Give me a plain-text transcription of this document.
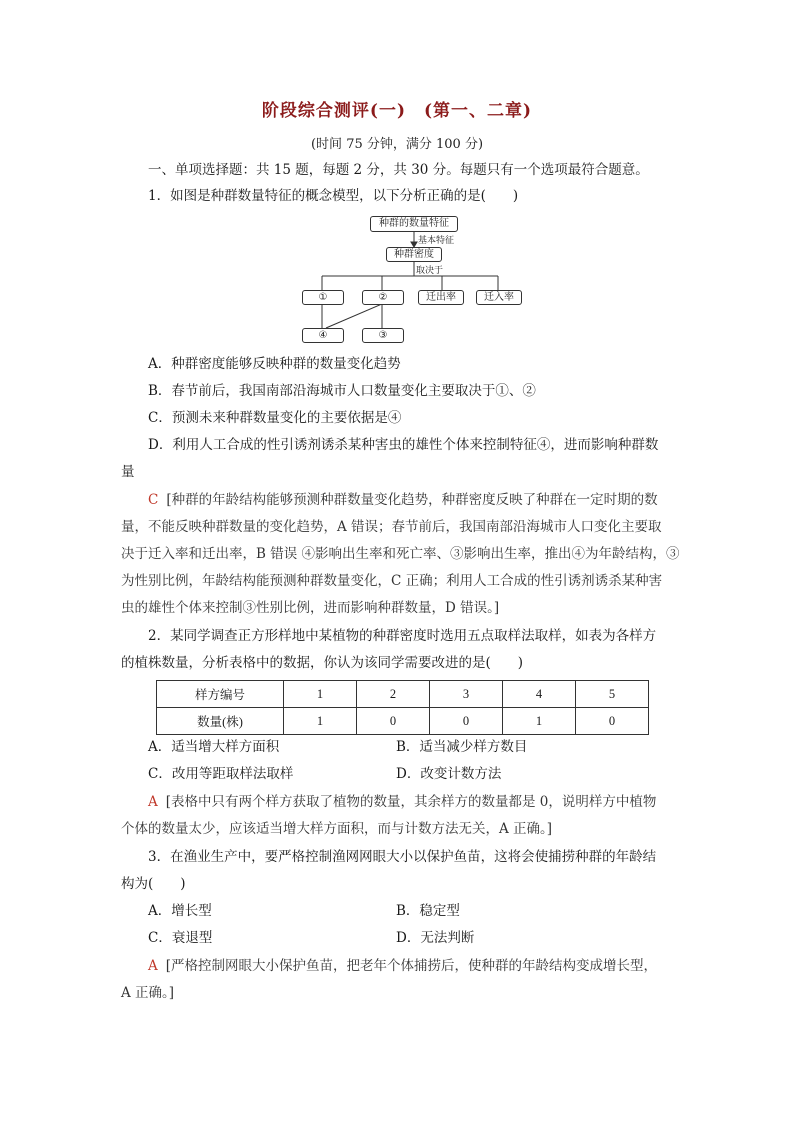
阶段综合测评(一)　(第一、二章)
(时间 75 分钟，满分 100 分)
一、单项选择题：共 15 题，每题 2 分，共 30 分。每题只有一个选项最符合题意。
1．如图是种群数量特征的概念模型，以下分析正确的是(　　)
种群的数量特征
基本特征
种群密度
取决于
①	②	迁出率	迁入率
④	③
A．种群密度能够反映种群的数量变化趋势
B．春节前后，我国南部沿海城市人口数量变化主要取决于①、②
C．预测未来种群数量变化的主要依据是④
D．利用人工合成的性引诱剂诱杀某种害虫的雄性个体来控制特征④，进而影响种群数
量
C [种群的年龄结构能够预测种群数量变化趋势，种群密度反映了种群在一定时期的数
量，不能反映种群数量的变化趋势，A 错误；春节前后，我国南部沿海城市人口变化主要取
决于迁入率和迁出率，B 错误 ④影响出生率和死亡率、③影响出生率，推出④为年龄结构，③
为性别比例，年龄结构能预测种群数量变化，C 正确；利用人工合成的性引诱剂诱杀某种害
虫的雄性个体来控制③性别比例，进而影响种群数量，D 错误。]
2．某同学调查正方形样地中某植物的种群密度时选用五点取样法取样，如表为各样方
的植株数量，分析表格中的数据，你认为该同学需要改进的是(　　)
样方编号	1	2	3	4	5
数量(株)	1	0	0	1	0
A．适当增大样方面积	B．适当减少样方数目
C．改用等距取样法取样	D．改变计数方法
A [表格中只有两个样方获取了植物的数量，其余样方的数量都是 0，说明样方中植物
个体的数量太少，应该适当增大样方面积，而与计数方法无关，A 正确。]
3．在渔业生产中，要严格控制渔网网眼大小以保护鱼苗，这将会使捕捞种群的年龄结
构为(　　)
A．增长型	B．稳定型
C．衰退型	D．无法判断
A [严格控制网眼大小保护鱼苗，把老年个体捕捞后，使种群的年龄结构变成增长型，
A 正确。]
